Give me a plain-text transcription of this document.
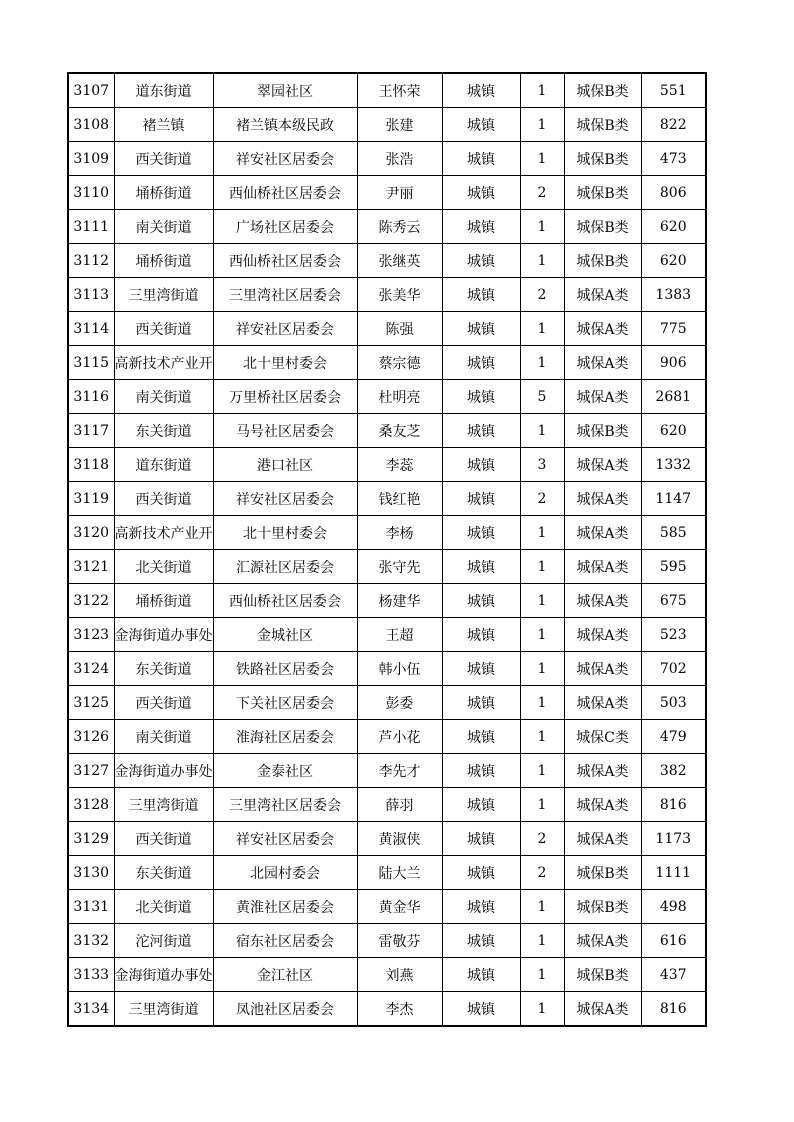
3107	道东街道	翠园社区	王怀荣	城镇	1	城保B类	551
3108	褚兰镇	褚兰镇本级民政	张建	城镇	1	城保B类	822
3109	西关街道	祥安社区居委会	张浩	城镇	1	城保B类	473
3110	埇桥街道	西仙桥社区居委会	尹丽	城镇	2	城保B类	806
3111	南关街道	广场社区居委会	陈秀云	城镇	1	城保B类	620
3112	埇桥街道	西仙桥社区居委会	张继英	城镇	1	城保B类	620
3113	三里湾街道	三里湾社区居委会	张美华	城镇	2	城保A类	1383
3114	西关街道	祥安社区居委会	陈强	城镇	1	城保A类	775
3115	高新技术产业开	北十里村委会	蔡宗德	城镇	1	城保A类	906
3116	南关街道	万里桥社区居委会	杜明亮	城镇	5	城保A类	2681
3117	东关街道	马号社区居委会	桑友芝	城镇	1	城保B类	620
3118	道东街道	港口社区	李蕊	城镇	3	城保A类	1332
3119	西关街道	祥安社区居委会	钱红艳	城镇	2	城保A类	1147
3120	高新技术产业开	北十里村委会	李杨	城镇	1	城保A类	585
3121	北关街道	汇源社区居委会	张守先	城镇	1	城保A类	595
3122	埇桥街道	西仙桥社区居委会	杨建华	城镇	1	城保A类	675
3123	金海街道办事处	金城社区	王超	城镇	1	城保A类	523
3124	东关街道	铁路社区居委会	韩小伍	城镇	1	城保A类	702
3125	西关街道	下关社区居委会	彭委	城镇	1	城保A类	503
3126	南关街道	淮海社区居委会	芦小花	城镇	1	城保C类	479
3127	金海街道办事处	金泰社区	李先才	城镇	1	城保A类	382
3128	三里湾街道	三里湾社区居委会	薛羽	城镇	1	城保A类	816
3129	西关街道	祥安社区居委会	黄淑侠	城镇	2	城保A类	1173
3130	东关街道	北园村委会	陆大兰	城镇	2	城保B类	1111
3131	北关街道	黄淮社区居委会	黄金华	城镇	1	城保B类	498
3132	沱河街道	宿东社区居委会	雷敬芬	城镇	1	城保A类	616
3133	金海街道办事处	金江社区	刘燕	城镇	1	城保B类	437
3134	三里湾街道	凤池社区居委会	李杰	城镇	1	城保A类	816
